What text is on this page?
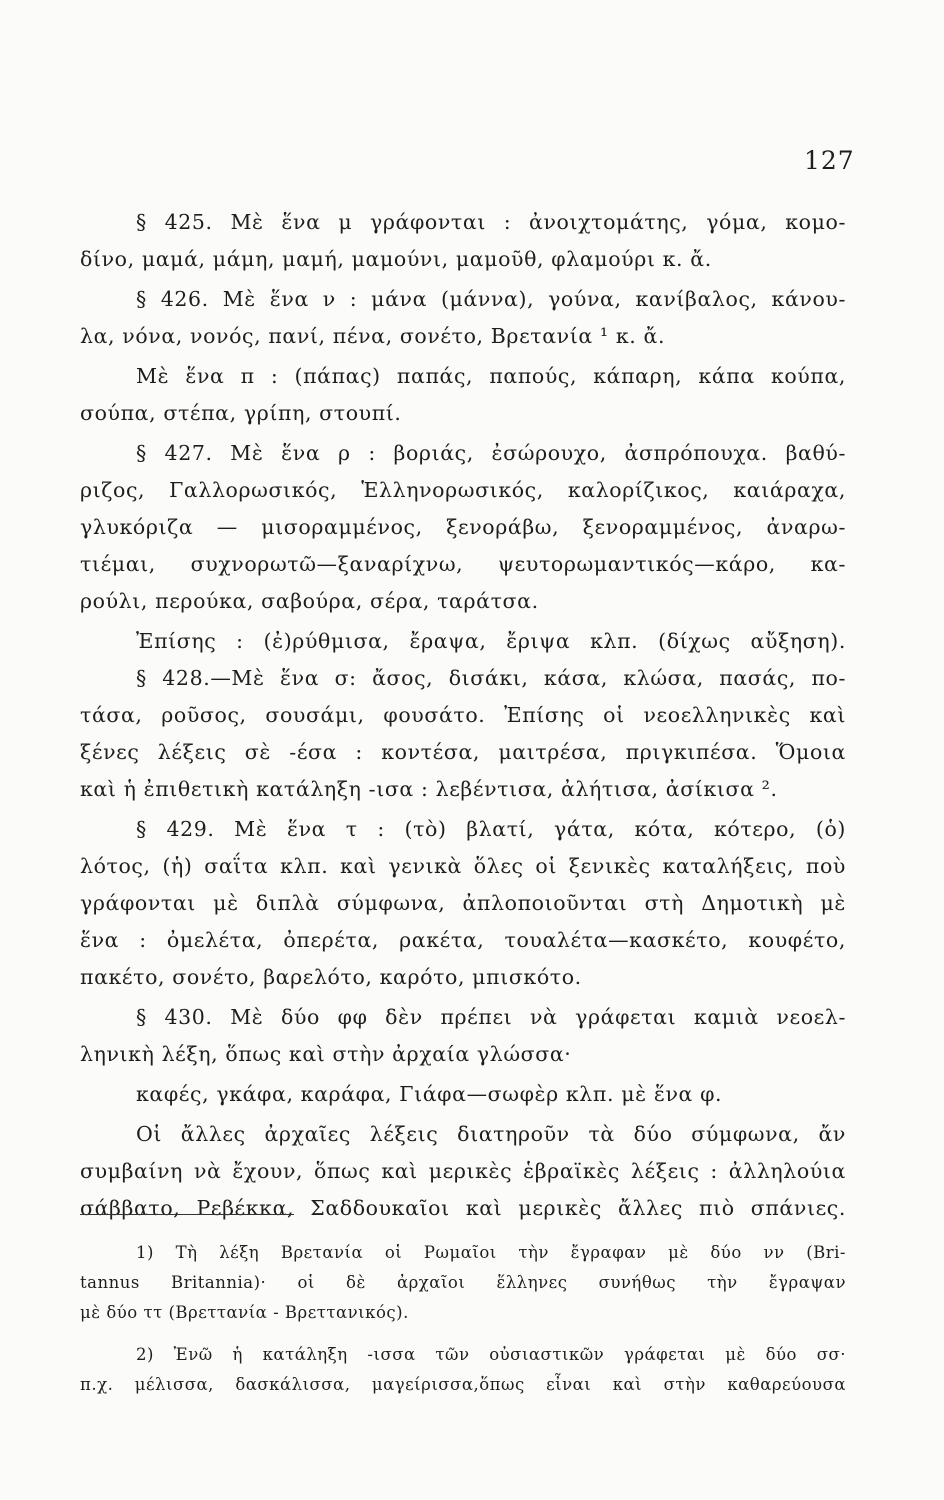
127
§ 425. Μὲ ἕνα μ γράφονται : ἀνοιχτομάτης, γόμα, κομο-
δίνο, μαμά, μάμη, μαμή, μαμούνι, μαμοῦθ, φλαμούρι κ. ἄ.
§ 426. Μὲ ἕνα ν : μάνα (μάννα), γούνα, κανίβαλος, κάνου-
λα, νόνα, νονός, πανί, πένα, σονέτο, Βρετανία ¹ κ. ἄ.
Μὲ ἕνα π : (πάπας) παπάς, παπούς, κάπαρη, κάπα κούπα,
σούπα, στέπα, γρίπη, στουπί.
§ 427. Μὲ ἕνα ρ : βοριάς, ἐσώρουχο, ἀσπρόπουχα. βαθύ-
ριζος, Γαλλορωσικός, Ἑλληνορωσικός, καλορίζικος, καιάραχα,
γλυκόριζα — μισοραμμένος, ξενοράβω, ξενοραμμένος, ἀναρω-
τιέμαι, συχνορωτῶ—ξαναρίχνω, ψευτορωμαντικός—κάρο, κα-
ρούλι, περούκα, σαβούρα, σέρα, ταράτσα.
Ἐπίσης : (ἐ)ρύθμισα, ἔραψα, ἔριψα κλπ. (δίχως αὔξηση).
§ 428.—Μὲ ἕνα σ: ἄσος, δισάκι, κάσα, κλώσα, πασάς, πο-
τάσα, ροῦσος, σουσάμι, φουσάτο. Ἐπίσης οἱ νεοελληνικὲς καὶ
ξένες λέξεις σὲ -έσα : κοντέσα, μαιτρέσα, πριγκιπέσα. Ὅμοια
καὶ ἡ ἐπιθετικὴ κατάληξη -ισα : λεβέντισα, ἀλήτισα, ἀσίκισα ².
§ 429. Μὲ ἕνα τ : (τὸ) βλατί, γάτα, κότα, κότερο, (ὁ)
λότος, (ἡ) σαΐτα κλπ. καὶ γενικὰ ὅλες οἱ ξενικὲς καταλήξεις, ποὺ
γράφονται μὲ διπλὰ σύμφωνα, ἀπλοποιοῦνται στὴ Δημοτικὴ μὲ
ἕνα : ὀμελέτα, ὀπερέτα, ρακέτα, τουαλέτα—κασκέτο, κουφέτο,
πακέτο, σονέτο, βαρελότο, καρότο, μπισκότο.
§ 430. Μὲ δύο φφ δὲν πρέπει νὰ γράφεται καμιὰ νεοελ-
ληνικὴ λέξη, ὅπως καὶ στὴν ἀρχαία γλώσσα·
καφές, γκάφα, καράφα, Γιάφα—σωφὲρ κλπ. μὲ ἕνα φ.
Οἱ ἄλλες ἀρχαῖες λέξεις διατηροῦν τὰ δύο σύμφωνα, ἄν
συμβαίνη νὰ ἔχουν, ὅπως καὶ μερικὲς ἑβραϊκὲς λέξεις : ἀλληλούια
σάββατο, Ρεβέκκα, Σαδδουκαῖοι καὶ μερικὲς ἄλλες πιὸ σπάνιες.
1) Τὴ λέξη Βρετανία οἱ Ρωμαῖοι τὴν ἔγραφαν μὲ δύο νν (Bri-
tannus Britannia)· οἱ δὲ ἀρχαῖοι ἕλληνες συνήθως τὴν ἔγραψαν
μὲ δύο ττ (Βρεττανία - Βρεττανικός).
2) Ἐνῶ ἡ κατάληξη -ισσα τῶν οὐσιαστικῶν γράφεται μὲ δύο σσ·
π.χ. μέλισσα, δασκάλισσα, μαγείρισσα,ὅπως εἶναι καὶ στὴν καθαρεύουσα
